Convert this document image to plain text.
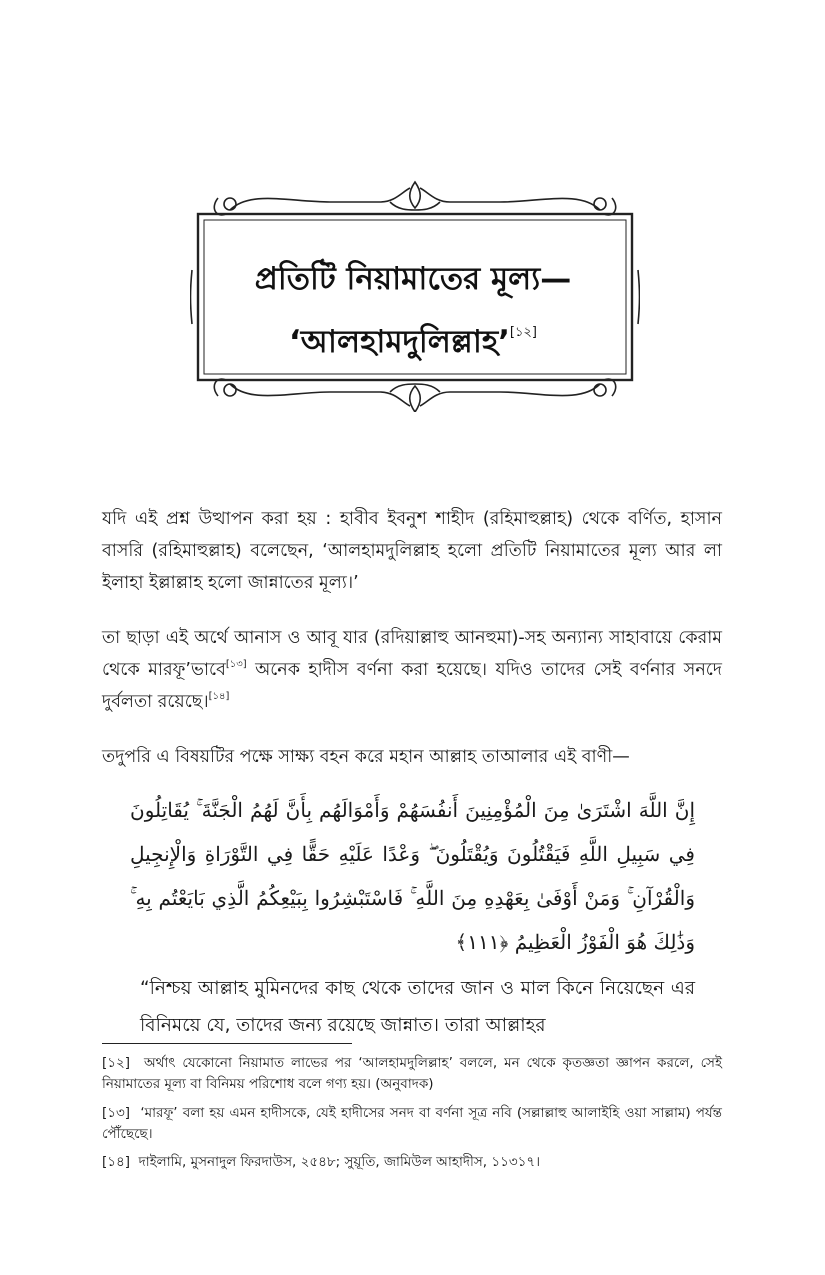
প্রতিটি নিয়ামাতের মূল্য—
‘আলহামদুলিল্লাহ’[১২]
যদি এই প্রশ্ন উত্থাপন করা হয় : হাবীব ইবনুশ শাহীদ (রহিমাহুল্লাহ) থেকে বর্ণিত, হাসান বাসরি (রহিমাহুল্লাহ) বলেছেন, ‘আলহামদুলিল্লাহ হলো প্রতিটি নিয়ামাতের মূল্য আর লা ইলাহা ইল্লাল্লাহ হলো জান্নাতের মূল্য।’
তা ছাড়া এই অর্থে আনাস ও আবূ যার (রদিয়াল্লাহু আনহুমা)-সহ অন্যান্য সাহাবায়ে কেরাম থেকে মারফূ’ভাবে[১৩] অনেক হাদীস বর্ণনা করা হয়েছে। যদিও তাদের সেই বর্ণনার সনদে দুর্বলতা রয়েছে।[১৪]
তদুপরি এ বিষয়টির পক্ষে সাক্ষ্য বহন করে মহান আল্লাহ তাআলার এই বাণী—
إِنَّ اللَّهَ اشْتَرَىٰ مِنَ الْمُؤْمِنِينَ أَنفُسَهُمْ وَأَمْوَالَهُم بِأَنَّ لَهُمُ الْجَنَّةَ ۚ يُقَاتِلُونَ فِي سَبِيلِ اللَّهِ فَيَقْتُلُونَ وَيُقْتَلُونَ ۖ وَعْدًا عَلَيْهِ حَقًّا فِي التَّوْرَاةِ وَالْإِنجِيلِ وَالْقُرْآنِ ۚ وَمَنْ أَوْفَىٰ بِعَهْدِهِ مِنَ اللَّهِ ۚ فَاسْتَبْشِرُوا بِبَيْعِكُمُ الَّذِي بَايَعْتُم بِهِ ۚ وَذَٰلِكَ هُوَ الْفَوْزُ الْعَظِيمُ ﴿١١١﴾
“নিশ্চয় আল্লাহ মুমিনদের কাছ থেকে তাদের জান ও মাল কিনে নিয়েছেন এর বিনিময়ে যে, তাদের জন্য রয়েছে জান্নাত। তারা আল্লাহর
[১২] অর্থাৎ যেকোনো নিয়ামাত লাভের পর ‘আলহামদুলিল্লাহ’ বললে, মন থেকে কৃতজ্ঞতা জ্ঞাপন করলে, সেই নিয়ামাতের মূল্য বা বিনিময় পরিশোধ বলে গণ্য হয়। (অনুবাদক)
[১৩] ‘মারফূ’ বলা হয় এমন হাদীসকে, যেই হাদীসের সনদ বা বর্ণনা সূত্র নবি (সল্লাল্লাহু আলাইহি ওয়া সাল্লাম) পর্যন্ত পৌঁছেছে।
[১৪] দাইলামি, মুসনাদুল ফিরদাউস, ২৫৪৮; সুয়ূতি, জামিউল আহাদীস, ১১৩১৭।
